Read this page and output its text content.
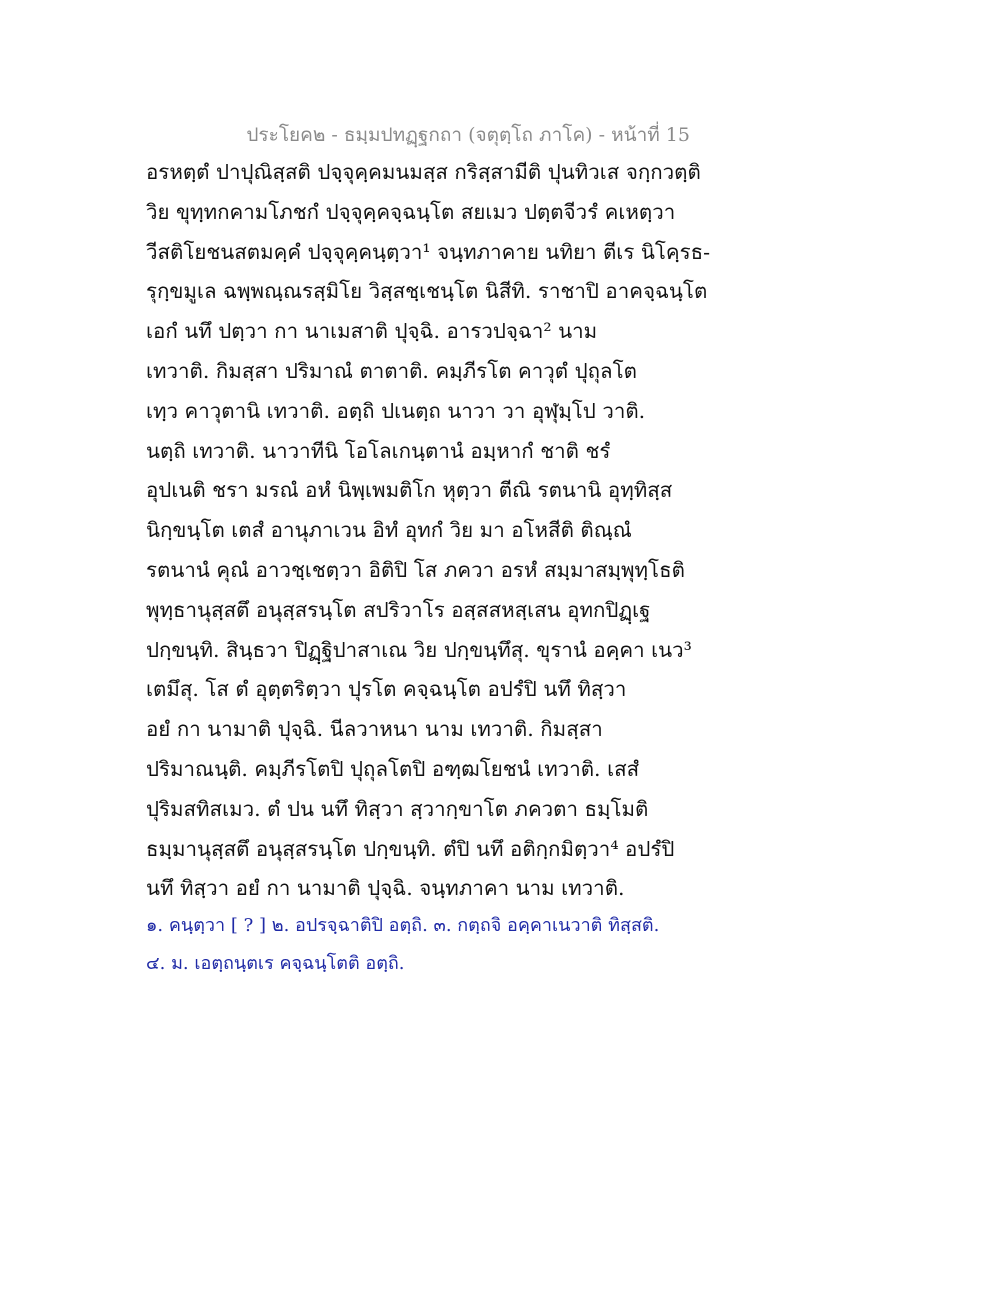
ประโยค๒ - ธมฺมปทฏฺฐกถา (จตุตฺโถ ภาโค) - หน้าที่ 15
อรหตฺตํ ปาปุณิสฺสติ ปจฺจุคฺคมนมสฺส กริสฺสามีติ ปุนทิวเส จกฺกวตฺติ
วิย ขุทฺทกคามโภชกํ ปจฺจุคฺคจฺฉนฺโต สยเมว ปตฺตจีวรํ คเหตฺวา
วีสติโยชนสตมคฺคํ ปจฺจุคฺคนฺตฺวา¹ จนฺทภาคาย นทิยา ตีเร นิโคฺรธ-
รุกฺขมูเล ฉพฺพณฺณรสฺมิโย วิสฺสชฺเชนฺโต นิสีทิ. ราชาปิ อาคจฺฉนฺโต
เอกํ นทึ ปตฺวา กา นาเมสาติ ปุจฺฉิ. อารวปจฺฉา² นาม
เทวาติ. กิมสฺสา ปริมาณํ ตาตาติ. คมฺภีรโต คาวุตํ ปุถุลโต
เทฺว คาวุตานิ เทวาติ. อตฺถิ ปเนตฺถ นาวา วา อุฬุมฺโป วาติ.
นตฺถิ เทวาติ. นาวาทีนิ โอโลเกนฺตานํ อมฺหากํ ชาติ ชรํ
อุปเนติ ชรา มรณํ อหํ นิพฺเพมติโก หุตฺวา ตีณิ รตนานิ อุทฺทิสฺส
นิกฺขนฺโต เตสํ อานุภาเวน อิทํ อุทกํ วิย มา อโหสีติ ติณฺณํ
รตนานํ คุณํ อาวชฺเชตฺวา อิติปิ โส ภควา อรหํ สมฺมาสมฺพุทฺโธติ
พุทฺธานุสฺสตึ อนุสฺสรนฺโต สปริวาโร อสฺสสหสฺเสน อุทกปิฏฺเฐ
ปกฺขนฺทิ. สินฺธวา ปิฏฺฐิปาสาเณ วิย ปกฺขนฺทึสุ. ขุรานํ อคฺคา เนว³
เตมึสุ. โส ตํ อุตฺตริตฺวา ปุรโต คจฺฉนฺโต อปรํปิ นทึ ทิสฺวา
อยํ กา นามาติ ปุจฺฉิ. นีลวาหนา นาม เทวาติ. กิมสฺสา
ปริมาณนฺติ. คมฺภีรโตปิ ปุถุลโตปิ อฑฺฒโยชนํ เทวาติ. เสสํ
ปุริมสทิสเมว. ตํ ปน นทึ ทิสฺวา สฺวากฺขาโต ภควตา ธมฺโมติ
ธมฺมานุสฺสตึ อนุสฺสรนฺโต ปกฺขนฺทิ. ตํปิ นทึ อติกฺกมิตฺวา⁴ อปรํปิ
นทึ ทิสฺวา อยํ กา นามาติ ปุจฺฉิ. จนฺทภาคา นาม เทวาติ.
๑. คนฺตฺวา [ ? ] ๒. อปรจฺฉาติปิ อตฺถิ. ๓. กตฺถจิ อคฺคาเนวาติ ทิสฺสติ.
๔. ม. เอตฺถนฺตเร คจฺฉนฺโตติ อตฺถิ.
